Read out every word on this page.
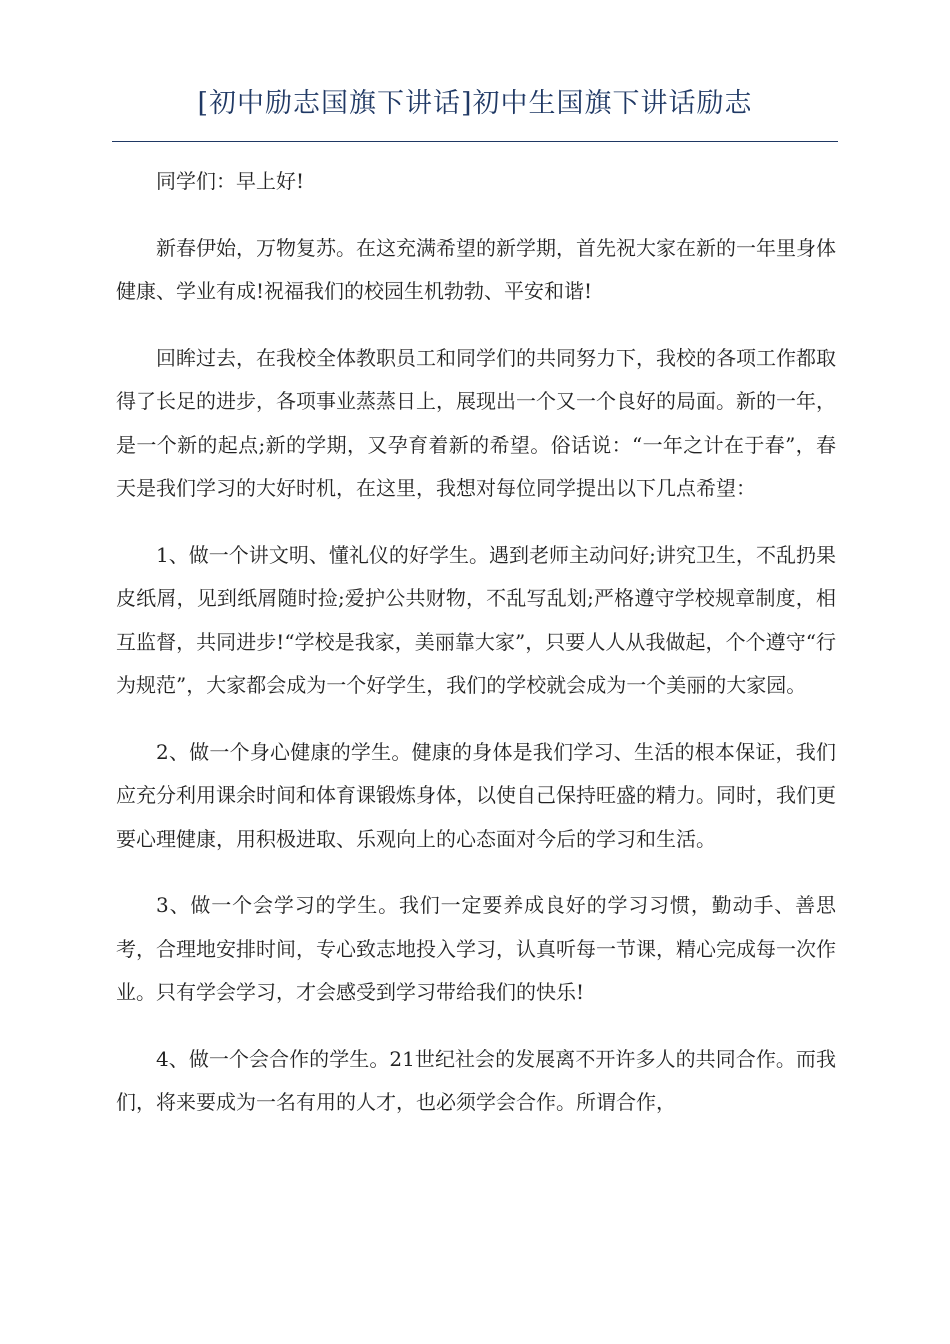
[初中励志国旗下讲话]初中生国旗下讲话励志

同学们：早上好!

新春伊始，万物复苏。在这充满希望的新学期，首先祝大家在新的一年里身体健康、学业有成!祝福我们的校园生机勃勃、平安和谐!

回眸过去，在我校全体教职员工和同学们的共同努力下，我校的各项工作都取得了长足的进步，各项事业蒸蒸日上，展现出一个又一个良好的局面。新的一年，是一个新的起点;新的学期，又孕育着新的希望。俗话说：“一年之计在于春”，春天是我们学习的大好时机，在这里，我想对每位同学提出以下几点希望：

1、做一个讲文明、懂礼仪的好学生。遇到老师主动问好;讲究卫生，不乱扔果皮纸屑，见到纸屑随时捡;爱护公共财物，不乱写乱划;严格遵守学校规章制度，相互监督，共同进步!“学校是我家，美丽靠大家”，只要人人从我做起，个个遵守“行为规范”，大家都会成为一个好学生，我们的学校就会成为一个美丽的大家园。

2、做一个身心健康的学生。健康的身体是我们学习、生活的根本保证，我们应充分利用课余时间和体育课锻炼身体，以使自己保持旺盛的精力。同时，我们更要心理健康，用积极进取、乐观向上的心态面对今后的学习和生活。

3、做一个会学习的学生。我们一定要养成良好的学习习惯，勤动手、善思考，合理地安排时间，专心致志地投入学习，认真听每一节课，精心完成每一次作业。只有学会学习，才会感受到学习带给我们的快乐!

4、做一个会合作的学生。21世纪社会的发展离不开许多人的共同合作。而我们，将来要成为一名有用的人才，也必须学会合作。所谓合作，
